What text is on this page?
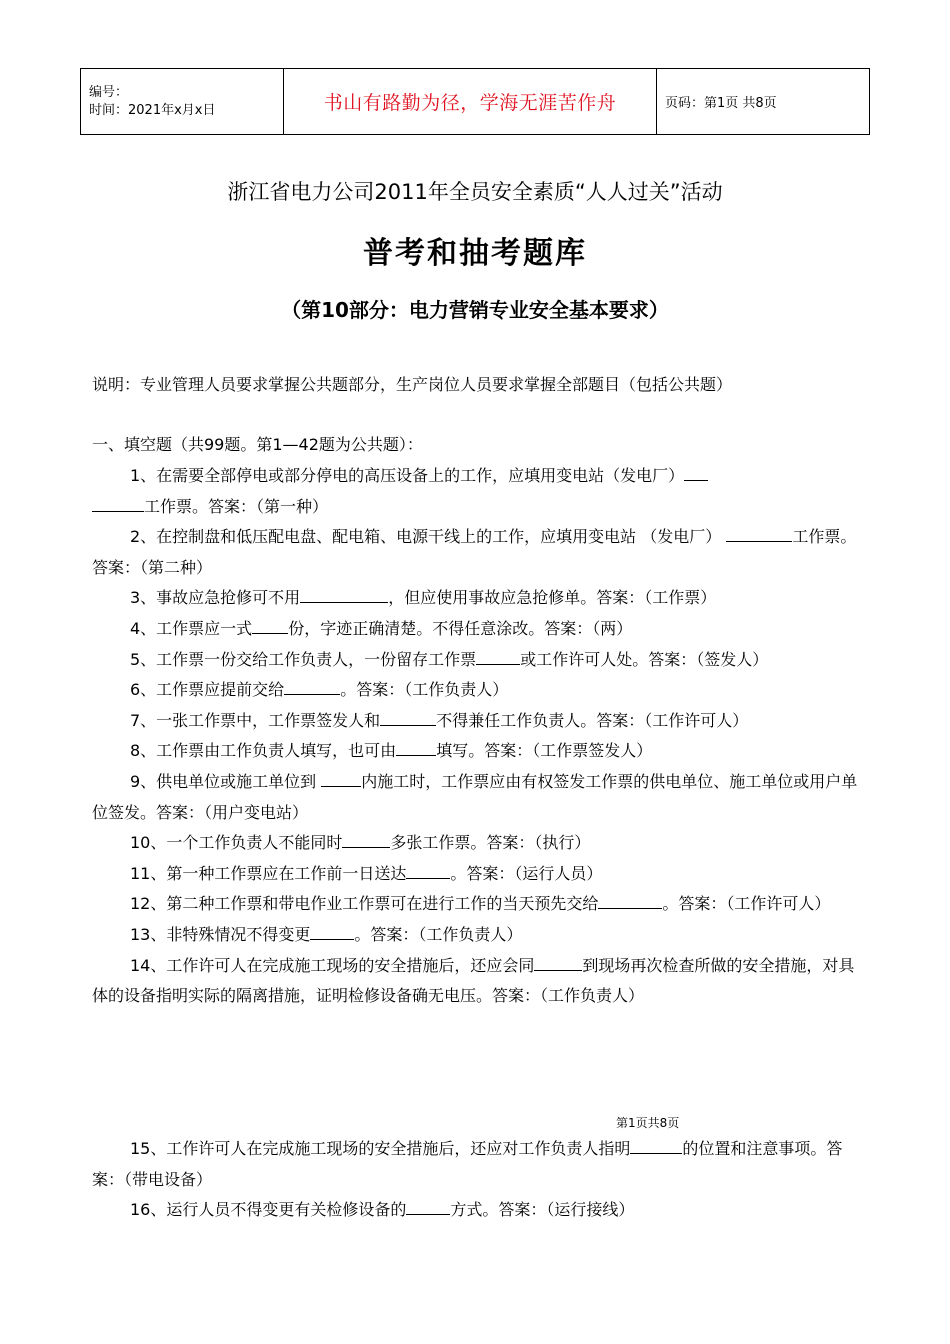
编号：
时间：2021年x月x日	书山有路勤为径，学海无涯苦作舟	页码：第1页 共8页
浙江省电力公司2011年全员安全素质“人人过关”活动
普考和抽考题库
（第10部分：电力营销专业安全基本要求）
说明：专业管理人员要求掌握公共题部分，生产岗位人员要求掌握全部题目（包括公共题）
一、填空题（共99题。第1—42题为公共题）：

1、在需要全部停电或部分停电的高压设备上的工作，应填用变电站（发电厂）
工作票。答案：（第一种）

2、在控制盘和低压配电盘、配电箱、电源干线上的工作，应填用变电站 （发电厂）	工作票。答案：（第二种）

3、事故应急抢修可不用	，但应使用事故应急抢修单。答案：（工作票）

4、工作票应一式 份，字迹正确清楚。不得任意涂改。答案：（两）

5、工作票一份交给工作负责人，一份留存工作票	或工作许可人处。答案：（签发人）

6、工作票应提前交给	。答案：（工作负责人）

7、一张工作票中，工作票签发人和	不得兼任工作负责人。答案：（工作许可人）

8、工作票由工作负责人填写，也可由	填写。答案：（工作票签发人）

9、供电单位或施工单位到	内施工时，工作票应由有权签发工作票的供电单位、施工单位或用户单位签发。答案：（用户变电站）

10、一个工作负责人不能同时	多张工作票。答案：（执行）

11、第一种工作票应在工作前一日送达	。答案：（运行人员）

12、第二种工作票和带电作业工作票可在进行工作的当天预先交给	。答案：（工作许可人）

13、非特殊情况不得变更	。答案：（工作负责人）

14、工作许可人在完成施工现场的安全措施后，还应会同	到现场再次检查所做的安全措施，对具体的设备指明实际的隔离措施，证明检修设备确无电压。答案：（工作负责人）

第1页共8页

15、工作许可人在完成施工现场的安全措施后，还应对工作负责人指明	的位置和注意事项。答案：（带电设备）

16、运行人员不得变更有关检修设备的	方式。答案：（运行接线）
